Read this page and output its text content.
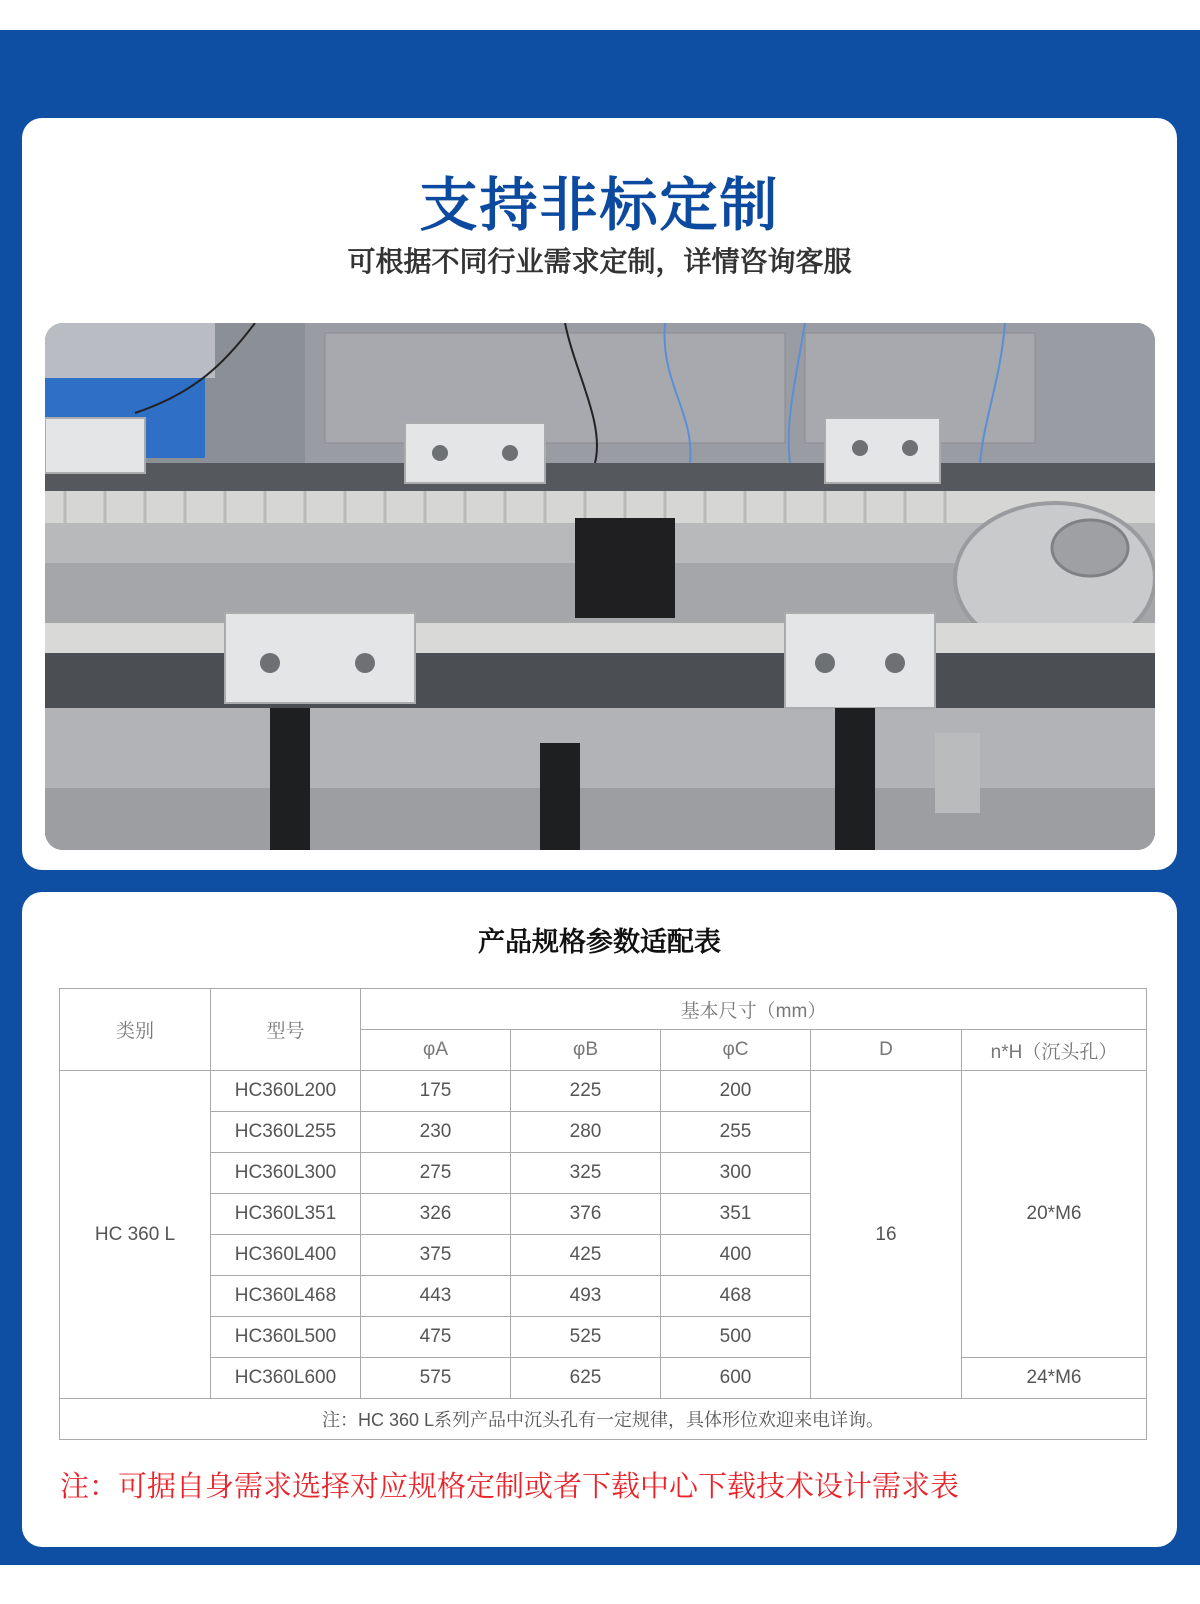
支持非标定制
可根据不同行业需求定制，详情咨询客服
产品规格参数适配表
类别	型号	基本尺寸（mm）				
		φA	φB	φC	D	n*H（沉头孔）
HC 360 L	HC360L200	175	225	200	16	20*M6
	HC360L255	230	280	255		
	HC360L300	275	325	300		
	HC360L351	326	376	351		
	HC360L400	375	425	400		
	HC360L468	443	493	468		
	HC360L500	475	525	500		
	HC360L600	575	625	600		24*M6
注：HC 360 L系列产品中沉头孔有一定规律，具体形位欢迎来电详询。						
注：可据自身需求选择对应规格定制或者下载中心下载技术设计需求表
